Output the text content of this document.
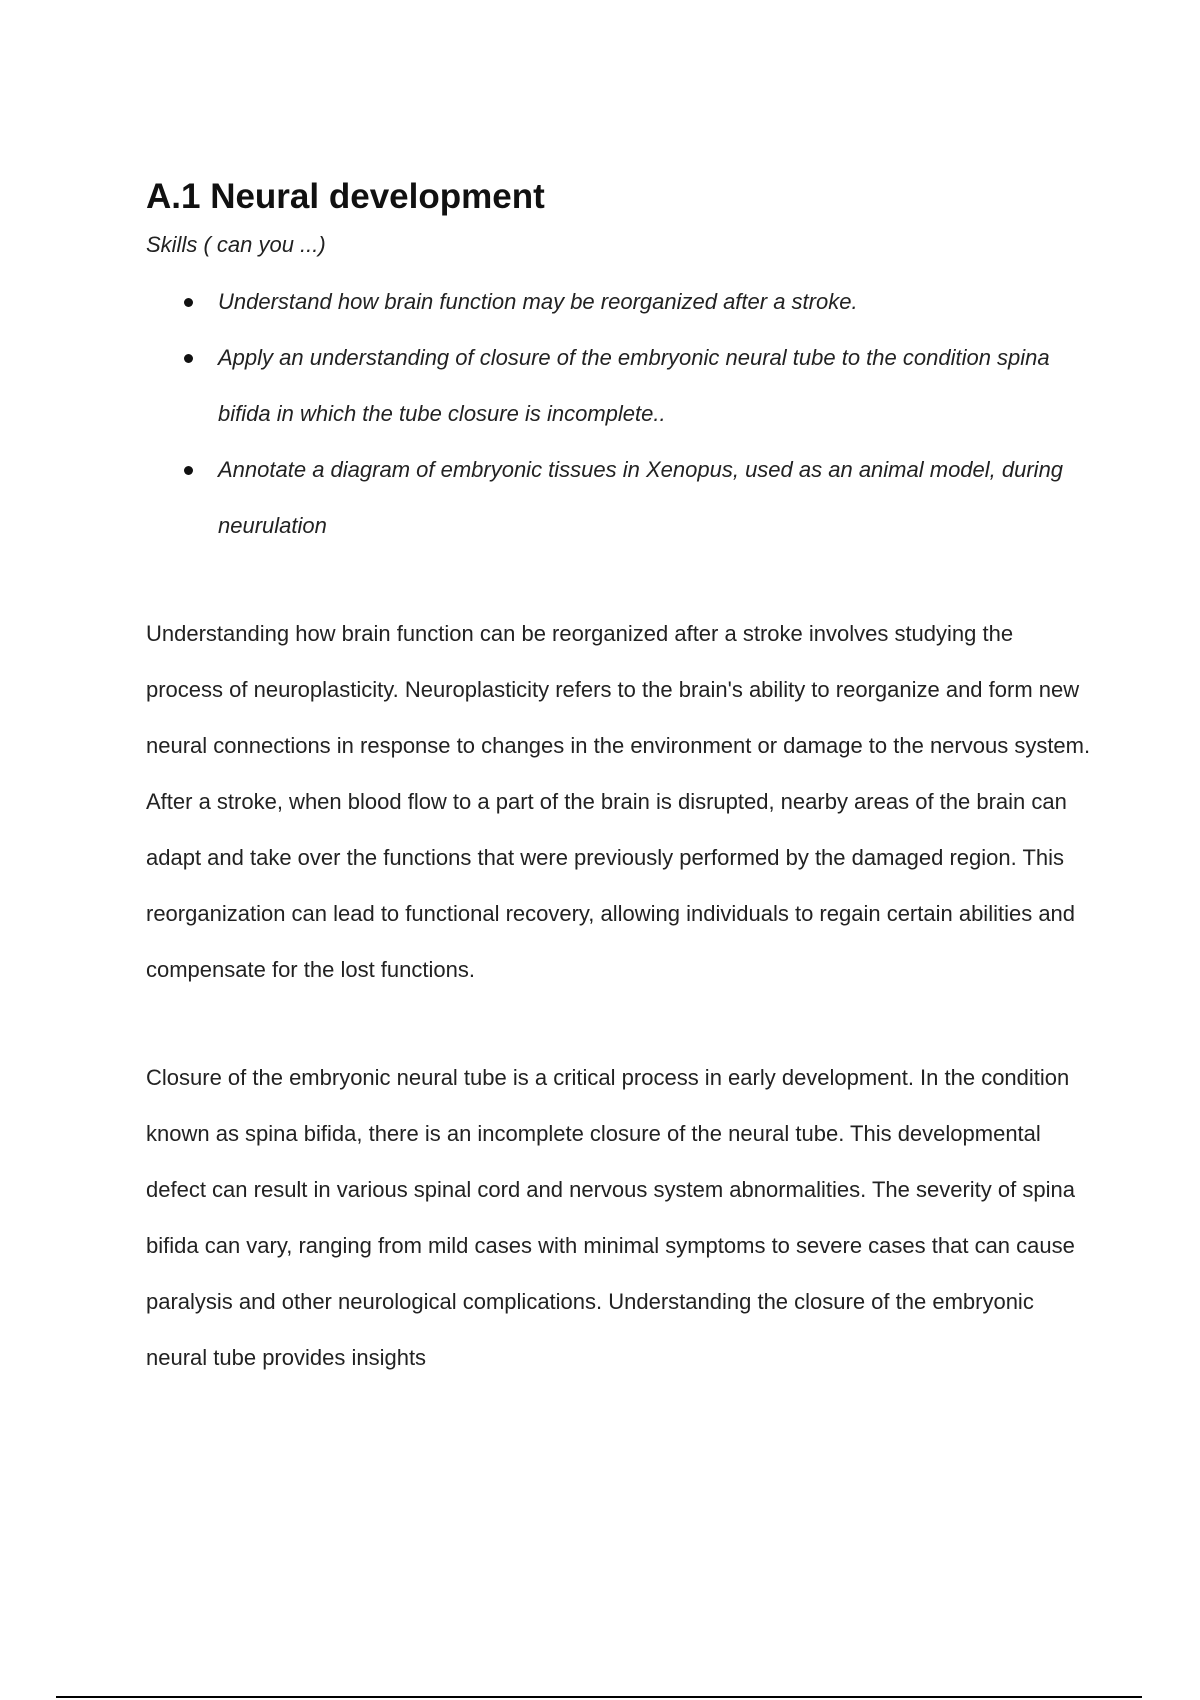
A.1 Neural development

Skills ( can you ...)

Understand how brain function may be reorganized after a stroke.
Apply an understanding of closure of the embryonic neural tube to the condition spina bifida in which the tube closure is incomplete..
Annotate a diagram of embryonic tissues in Xenopus, used as an animal model, during neurulation

Understanding how brain function can be reorganized after a stroke involves studying the process of neuroplasticity. Neuroplasticity refers to the brain's ability to reorganize and form new neural connections in response to changes in the environment or damage to the nervous system. After a stroke, when blood flow to a part of the brain is disrupted, nearby areas of the brain can adapt and take over the functions that were previously performed by the damaged region. This reorganization can lead to functional recovery, allowing individuals to regain certain abilities and compensate for the lost functions.

Closure of the embryonic neural tube is a critical process in early development. In the condition known as spina bifida, there is an incomplete closure of the neural tube. This developmental defect can result in various spinal cord and nervous system abnormalities. The severity of spina bifida can vary, ranging from mild cases with minimal symptoms to severe cases that can cause paralysis and other neurological complications. Understanding the closure of the embryonic neural tube provides insights
